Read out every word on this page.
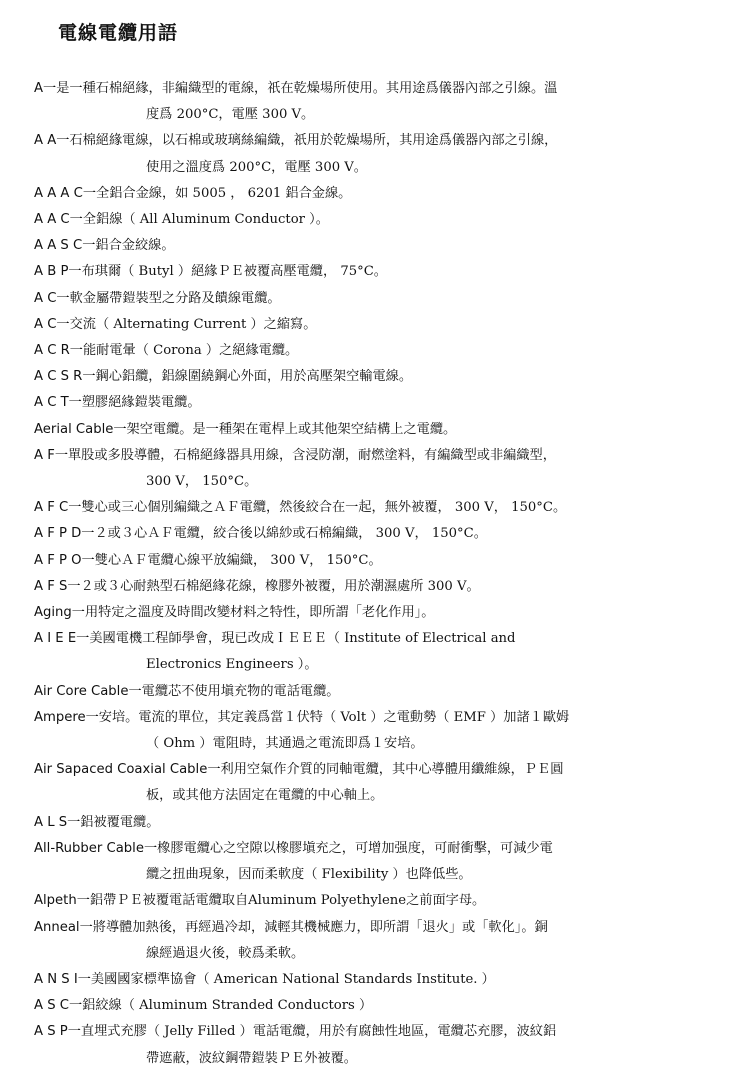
電線電纜用語
A一是一種石棉絕緣，非編織型的電線，祇在乾燥場所使用。其用途爲儀器內部之引線。溫
度爲 200°C，電壓 300 V。
A A一石棉絕緣電線，以石棉或玻璃絲編織，祇用於乾燥場所，其用途爲儀器內部之引線，
使用之溫度爲 200°C，電壓 300 V。
A A A C一全鋁合金線，如 5005 ， 6201 鋁合金線。
A A C一全鋁線（ All Aluminum Conductor ）。
A A S C一鋁合金絞線。
A B P一布琪爾（ Butyl ）絕緣ＰＥ被覆高壓電纜， 75°C。
A C一軟金屬帶鎧裝型之分路及饋線電纜。
A C一交流（ Alternating Current ）之縮寫。
A C R一能耐電暈（ Corona ）之絕緣電纜。
A C S R一鋼心鋁纜，鋁線圍繞鋼心外面，用於高壓架空輸電線。
A C T一塑膠絕緣鎧裝電纜。
Aerial Cable一架空電纜。是一種架在電桿上或其他架空結構上之電纜。
A F一單股或多股導體，石棉絕緣器具用線，含浸防潮，耐燃塗料，有編織型或非編織型，
300 V， 150°C。
A F C一雙心或三心個別編織之ＡＦ電纜，然後絞合在一起，無外被覆， 300 V， 150°C。
A F P D一２或３心ＡＦ電纜，絞合後以綿紗或石棉編織， 300 V， 150°C。
A F P O一雙心ＡＦ電纜心線平放編織， 300 V， 150°C。
A F S一２或３心耐熱型石棉絕緣花線，橡膠外被覆，用於潮濕處所 300 V。
Aging一用特定之溫度及時間改變材料之特性，即所謂「老化作用」。
A I E E一美國電機工程師學會，現已改成ＩＥＥＥ（ Institute of Electrical and
Electronics Engineers ）。
Air Core Cable一電纜芯不使用塡充物的電話電纜。
Ampere一安培。電流的單位，其定義爲當１伏特（ Volt ）之電動勢（ EMF ）加諸１歐姆
（ Ohm ）電阻時，其通過之電流即爲１安培。
Air Sapaced Coaxial Cable一利用空氣作介質的同軸電纜，其中心導體用纖維線，ＰＥ圓
板，或其他方法固定在電纜的中心軸上。
A L S一鋁被覆電纜。
All-Rubber Cable一橡膠電纜心之空隙以橡膠塡充之，可增加强度，可耐衝擊，可減少電
纜之扭曲現象，因而柔軟度（ Flexibility ）也降低些。
Alpeth一鋁帶ＰＥ被覆電話電纜取自Aluminum Polyethylene之前面字母。
Anneal一將導體加熱後，再經過冷却，減輕其機械應力，即所謂「退火」或「軟化」。銅
線經過退火後，較爲柔軟。
A N S I一美國國家標準協會（ American National Standards Institute. ）
A S C一鋁絞線（ Aluminum Stranded Conductors ）
A S P一直埋式充膠（ Jelly Filled ）電話電纜，用於有腐蝕性地區，電纜芯充膠，波紋鋁
帶遮蔽，波紋鋼帶鎧裝ＰＥ外被覆。
